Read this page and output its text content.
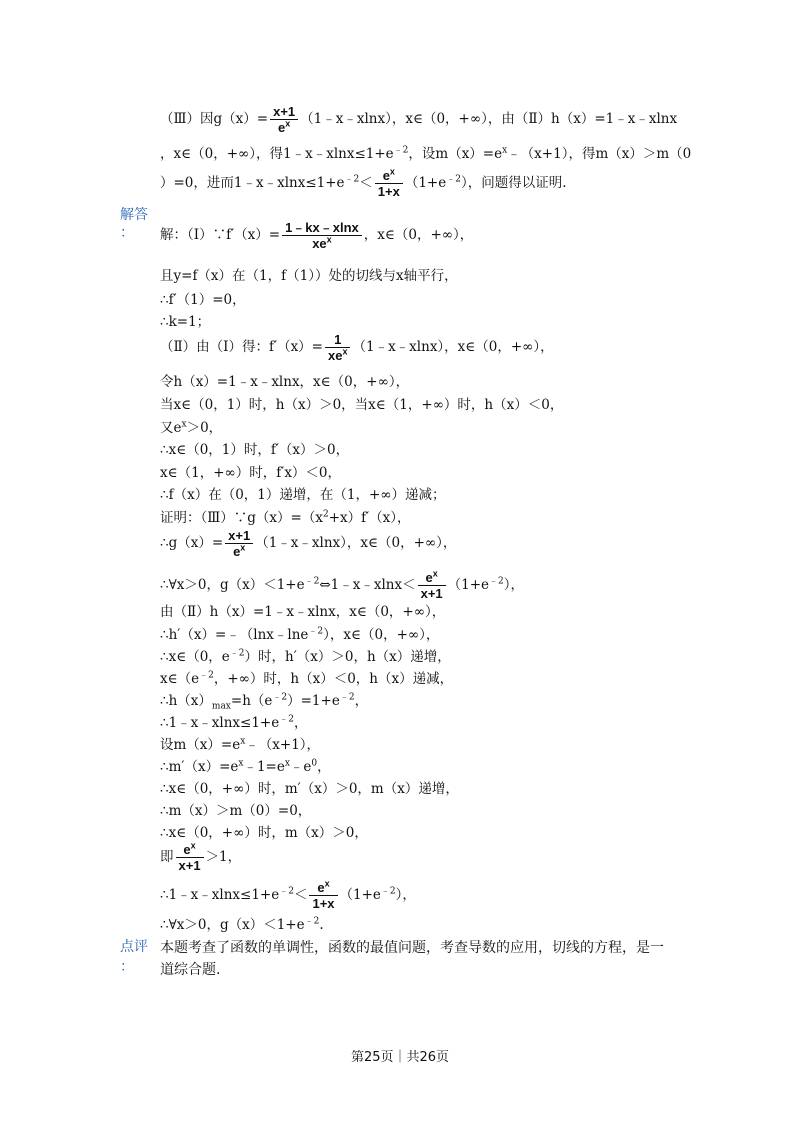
（Ⅲ）因$g(x)= \frac{x+1}{e^x}$ （1﹣x﹣xlnx），x∈（0，+∞），由（Ⅱ）h（x）=1﹣x﹣xlnx
，x∈（0，+∞），得$1﹣x﹣xlnx\le 1+e^{﹣2}$，设$m(x)=e^x﹣(x+1)$，得m（x）＞m（0
）=0，进而$1﹣x﹣xlnx\le 1+e^{﹣2}< \frac{e^x}{1+x} (1+e^{﹣2})$，问题得以证明.
解答
：
点评
：
解：（Ⅰ）∵f′（x）= $\frac{1﹣kx﹣xlnx}{xe^x}$ ，x∈（0，+∞），
且y=f（x）在（1，f（1））处的切线与x轴平行，
∴f′（1）=0，
∴k=1；
（Ⅱ）由（Ⅰ）得：$f'(x)= \frac{1}{xe^x}$ （1﹣x﹣xlnx），x∈（0，+∞），
令h（x）=1﹣x﹣xlnx，x∈（0，+∞），
当x∈（0，1）时，h（x）＞0，当x∈（1，+∞）时，h（x）＜0，
又$e^x>0$，
∴x∈（0，1）时，f′（x）＞0，
x∈（1，+∞）时，f′x）＜0，
∴f（x）在（0，1）递增，在（1，+∞）递减；
证明：$(Ⅲ)\because g(x)=(x^2+x)f'(x)$，
∴g（x）= $\frac{x+1}{e^x}$ （1﹣x﹣xlnx），x∈（0，+∞），
∴∀x＞0，$g(x)<1+e^{﹣2}\Leftrightarrow 1﹣x﹣xlnx< \frac{e^x}{x+1} (1+e^{﹣2})$，
由（Ⅱ）h（x）=1﹣x﹣xlnx，x∈（0，+∞），
∴h′（x）=﹣（lnx﹣lne$^{﹣2}$），x∈（0，+∞），
∴x∈（0，$e^{﹣2}$）时，h′（x）＞0，h（x）递增，
$x\in(e^{﹣2}$，+∞）时，h（x）＜0，h（x）递减，
$\therefore h(x)_{max}=h(e^{﹣2})=1+e^{﹣2}$，
$\therefore 1﹣x﹣xlnx\le 1+e^{﹣2}$，
设$m(x)=e^x﹣(x+1)$，
$\therefore m'(x)=e^x﹣1=e^x﹣e^0$，
∴x∈（0，+∞）时，m′（x）＞0，m（x）递增，
∴m（x）＞m（0）=0，
∴x∈（0，+∞）时，m（x）＞0，
即 $\frac{e^x}{x+1} >1$，
$\therefore 1﹣x﹣xlnx\le 1+e^{﹣2}< \frac{e^x}{1+x} (1+e^{﹣2})$，
∴∀x＞0，$g(x)<1+e^{﹣2}$.
本题考查了函数的单调性，函数的最值问题，考查导数的应用，切线的方程，是一
道综合题.
第25页｜共26页
